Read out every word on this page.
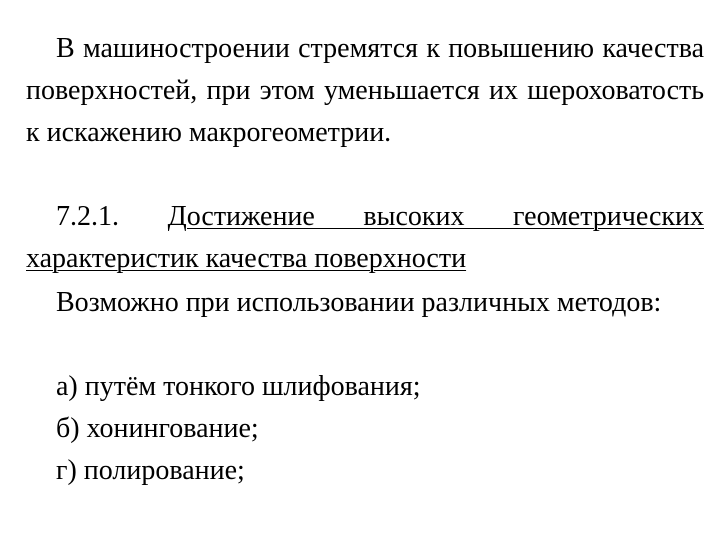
В машиностроении стремятся к повышению качества поверхностей, при этом уменьшается их шероховатость к искажению макрогеометрии.

7.2.1. Достижение высоких геометрических характеристик качества поверхности

Возможно при использовании различных методов:

а) путём тонкого шлифования;
б) хонингование;
г) полирование;
